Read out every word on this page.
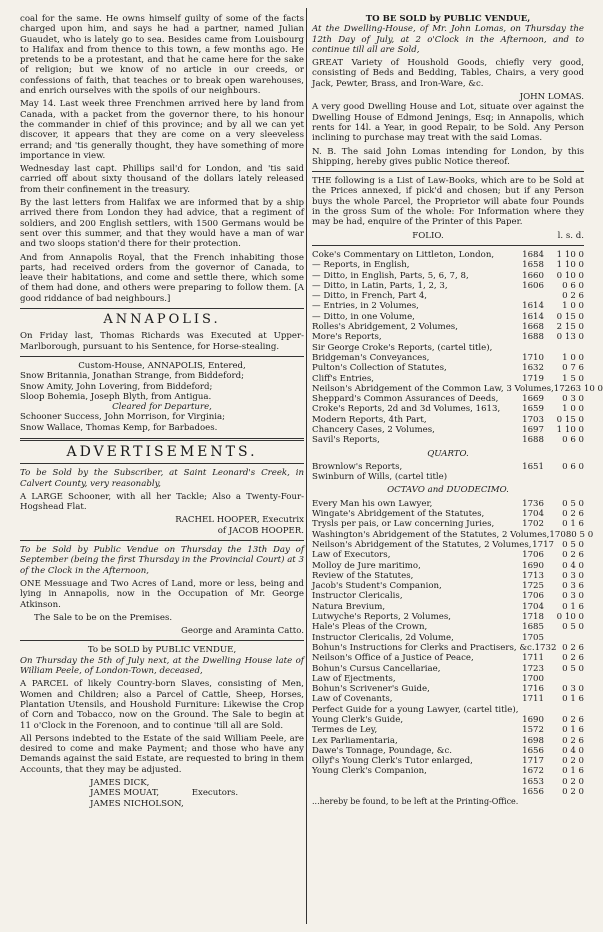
coal for the same. He owns himself guilty of some of the facts charged upon him, and says he had a partner, named Julian Guaudet, who is lately go to sea. Besides came from Louisbourg to Halifax and from thence to this town, a few months ago. He pretends to be a protestant, and that he came here for the sake of religion; but we know of no article in our creeds, or confessions of faith, that teaches or to break open warehouses, and enrich ourselves with the spoils of our neighbours.

May 14. Last week three Frenchmen arrived here by land from Canada, with a packet from the governor there, to his honour the commander in chief of this province; and by all we can yet discover, it appears that they are come on a very sleeveless errand; and 'tis generally thought, they have something of more importance in view.

Wednesday last capt. Phillips sail'd for London, and 'tis said carried off about sixty thousand of the dollars lately released from their confinement in the treasury.

By the last letters from Halifax we are informed that by a ship arrived there from London they had advice, that a regiment of soldiers, and 200 English settlers, with 1500 Germans would be sent over this summer, and that they would have a man of war and two sloops station'd there for their protection.

And from Annapolis Royal, that the French inhabiting those parts, had received orders from the governor of Canada, to leave their habitations, and come and settle there, which some of them had done, and others were preparing to follow them. [A good riddance of bad neighbours.]

ANNAPOLIS.

On Friday last, Thomas Richards was Executed at Upper-Marlborough, pursuant to his Sentence, for Horse-stealing.

Custom-House, ANNAPOLIS, Entered,
Snow Britannia, Jonathan Strange, from Biddeford;
Snow Amity, John Lovering, from Biddeford;
Sloop Bohemia, Joseph Blyth, from Antigua.
Cleared for Departure,
Schooner Success, John Morrison, for Virginia;
Snow Wallace, Thomas Kemp, for Barbadoes.
ADVERTISEMENTS.

To be Sold by the Subscriber, at Saint Leonard's Creek, in Calvert County, very reasonably,

A LARGE Schooner, with all her Tackle; Also a Twenty-Four-Hogshead Flat.

RACHEL HOOPER, Executrix
of JACOB HOOPER.

To be Sold by Public Vendue on Thursday the 13th Day of September (being the first Thursday in the Provincial Court) at 3 of the Clock in the Afternoon,

ONE Messuage and Two Acres of Land, more or less, being and lying in Annapolis, now in the Occupation of Mr. George Atkinson.

The Sale to be on the Premises.

George and Araminta Catto.
To be SOLD by PUBLIC VENDUE,

On Thursday the 5th of July next, at the Dwelling House late of William Peele, of London-Town, deceased,

A PARCEL of likely Country-born Slaves, consisting of Men, Women and Children; also a Parcel of Cattle, Sheep, Horses, Plantation Utensils, and Houshold Furniture: Likewise the Crop of Corn and Tobacco, now on the Ground. The Sale to begin at 11 o'Clock in the Forenoon, and to continue 'till all are Sold.

All Persons indebted to the Estate of the said William Peele, are desired to come and make Payment; and those who have any Demands against the said Estate, are requested to bring in them Accounts, that they may be adjusted.

JAMES DICK,
JAMES MOUAT,
JAMES NICHOLSON,
Executors.
TO BE SOLD by PUBLIC VENDUE,

At the Dwelling-House, of Mr. John Lomas, on Thursday the 12th Day of July, at 2 o'Clock in the Afternoon, and to continue till all are Sold,

GREAT Variety of Houshold Goods, chiefly very good, consisting of Beds and Bedding, Tables, Chairs, a very good Jack, Pewter, Brass, and Iron-Ware, &c.

JOHN LOMAS.

A very good Dwelling House and Lot, situate over against the Dwelling House of Edmond Jenings, Esq; in Annapolis, which rents for 14l. a Year, in good Repair, to be Sold. Any Person inclining to purchase may treat with the said Lomas.

N. B. The said John Lomas intending for London, by this Shipping, hereby gives public Notice thereof.

THE following is a List of Law-Books, which are to be Sold at the Prices annexed, if pick'd and chosen; but if any Person buys the whole Parcel, the Proprietor will abate four Pounds in the gross Sum of the whole: For Information where they may be had, enquire of the Printer of this Paper.

FOLIO.	l. s. d.
Coke's Commentary on Littleton, London,	1684	1 10 0
— Reports, in English,	1658	1 10 0
— Ditto, in English, Parts, 5, 6, 7, 8,	1660	0 10 0
— Ditto, in Latin, Parts, 1, 2, 3,	1606	0 6 0
— Ditto, in French, Part 4,	0 2 6
— Entries, in 2 Volumes,	1614	1 0 0
— Ditto, in one Volume,	1614	0 15 0
Rolles's Abridgement, 2 Volumes,	1668	2 15 0
More's Reports,	1688	0 13 0
Sir George Croke's Reports, (cartel title),
Bridgeman's Conveyances,	1710	1 0 0
Pulton's Collection of Statutes,	1632	0 7 6
Cliff's Entries,	1719	1 5 0
Neilson's Abridgement of the Common Law, 3 Volumes, 1726 3 10 0
Sheppard's Common Assurances of Deeds,	1669	0 3 0
Croke's Reports, 2d and 3d Volumes, 1613,	1659	1 0 0
Modern Reports, 4th Part,	1703	0 15 0
Chancery Cases, 2 Volumes,	1697	1 10 0
Savil's Reports,	1688	0 6 0
QUARTO.
Brownlow's Reports,	1651	0 6 0
Swinburn of Wills, (cartel title)
OCTAVO and DUODECIMO.
Every Man his own Lawyer,	1736	0 5 0
Wingate's Abridgement of the Statutes,	1704	0 2 6
Trysls per pais, or Law concerning Juries,	1702	0 1 6
Washington's Abridgement of the Statutes, 2 Volumes, 1708 0 5 0
Neilson's Abridgement of the Statutes, 2 Volumes, 1717 0 5 0
Law of Executors,	1706	0 2 6
Molloy de Jure maritimo,	1690	0 4 0
Review of the Statutes,	1713	0 3 0
Jacob's Student's Companion,	1725	0 3 6
Instructor Clericalis,	1706	0 3 0
Natura Brevium,	1704	0 1 6
Lutwyche's Reports, 2 Volumes,	1718	0 10 0
Hale's Pleas of the Crown,	1685	0 5 0
Instructor Clericalis, 2d Volume,	1705
Bohun's Instructions for Clerks and Practisers, &c. 1732 0 2 6
Neilson's Office of a Justice of Peace,	1711	0 2 6
Bohun's Cursus Cancellariae,	1723	0 5 0
Law of Ejectments,	1700
Bohun's Scrivener's Guide,	1716	0 3 0
Law of Covenants,	1711	0 1 6
Perfect Guide for a young Lawyer, (cartel title),
Young Clerk's Guide,	1690	0 2 6
Termes de Ley,	1572	0 1 6
Lex Parliamentaria,	1698	0 2 6
Dawe's Tonnage, Poundage, &c.	1656	0 4 0
Ollyf's Young Clerk's Tutor enlarged,	1717	0 2 0
Young Clerk's Companion,	1672	0 1 6
1653	0 2 0
1656	0 2 0
...hereby be found, to be left at the Printing-Office.
